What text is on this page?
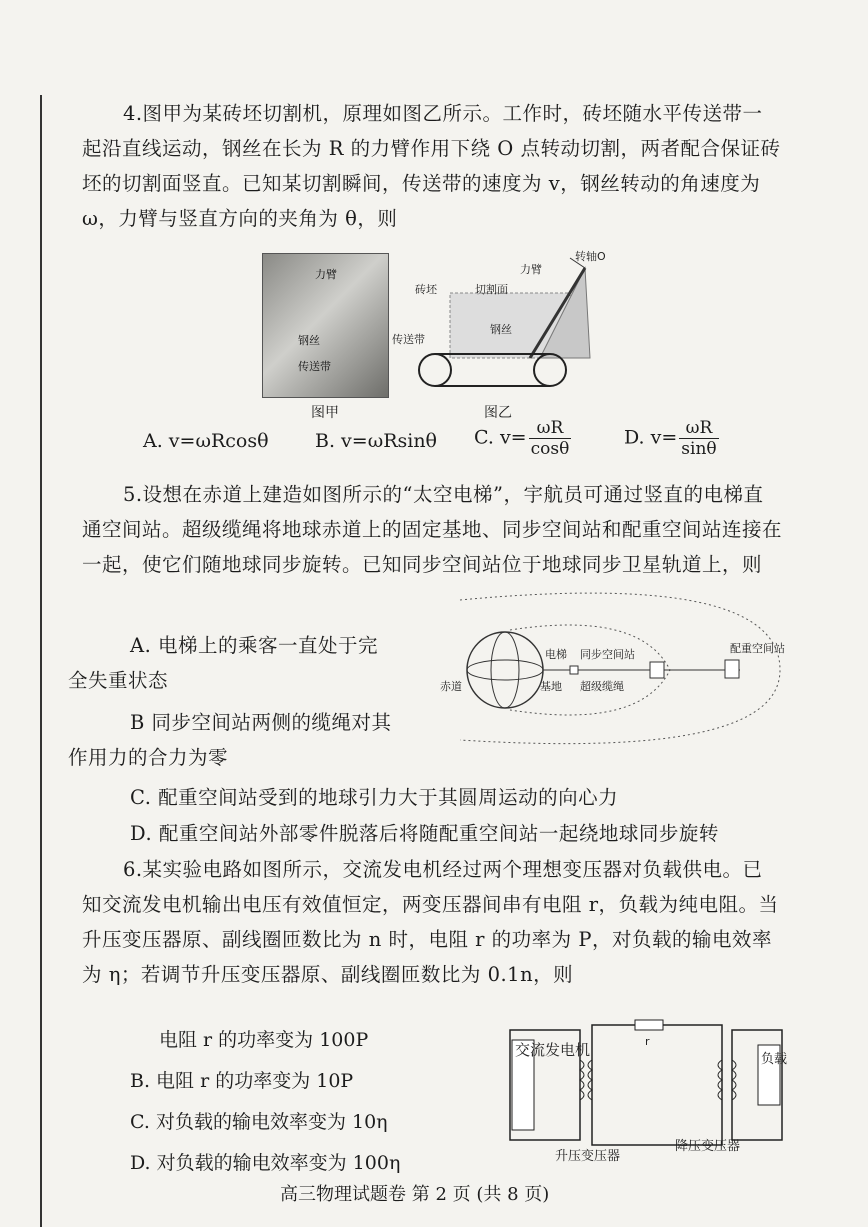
4.图甲为某砖坯切割机，原理如图乙所示。工作时，砖坯随水平传送带一起沿直线运动，钢丝在长为 R 的力臂作用下绕 O 点转动切割，两者配合保证砖坯的切割面竖直。已知某切割瞬间，传送带的速度为 v，钢丝转动的角速度为 ω，力臂与竖直方向的夹角为 θ，则

力臂
钢丝
传送带
图甲
转轴O
力臂
砖坯	切割面
钢丝
传送带
图乙
A. v=ωRcosθ B. v=ωRsinθ C. $v= \frac{\omega R}{\cos\theta}$	D. $v= \frac{\omega R}{\sin\theta}$

5.设想在赤道上建造如图所示的“太空电梯”，宇航员可通过竖直的电梯直通空间站。超级缆绳将地球赤道上的固定基地、同步空间站和配重空间站连接在一起，使它们随地球同步旋转。已知同步空间站位于地球同步卫星轨道上，则

A. 电梯上的乘客一直处于完
全失重状态
B 同步空间站两侧的缆绳对其
作用力的合力为零
C. 配重空间站受到的地球引力大于其圆周运动的向心力
D. 配重空间站外部零件脱落后将随配重空间站一起绕地球同步旋转
赤道
电梯 同步空间站
基地 超级缆绳
配重空间站

6.某实验电路如图所示，交流发电机经过两个理想变压器对负载供电。已知交流发电机输出电压有效值恒定，两变压器间串有电阻 r，负载为纯电阻。当升压变压器原、副线圈匝数比为 n 时，电阻 r 的功率为 P，对负载的输电效率为 η；若调节升压变压器原、副线圈匝数比为 0.1n，则

电阻 r 的功率变为 100P
B. 电阻 r 的功率变为 10P
C. 对负载的输电效率变为 10η
D. 对负载的输电效率变为 100η
交流发电机	r
负载
升压变压器
降压变压器
高三物理试题卷 第 2 页 (共 8 页)
